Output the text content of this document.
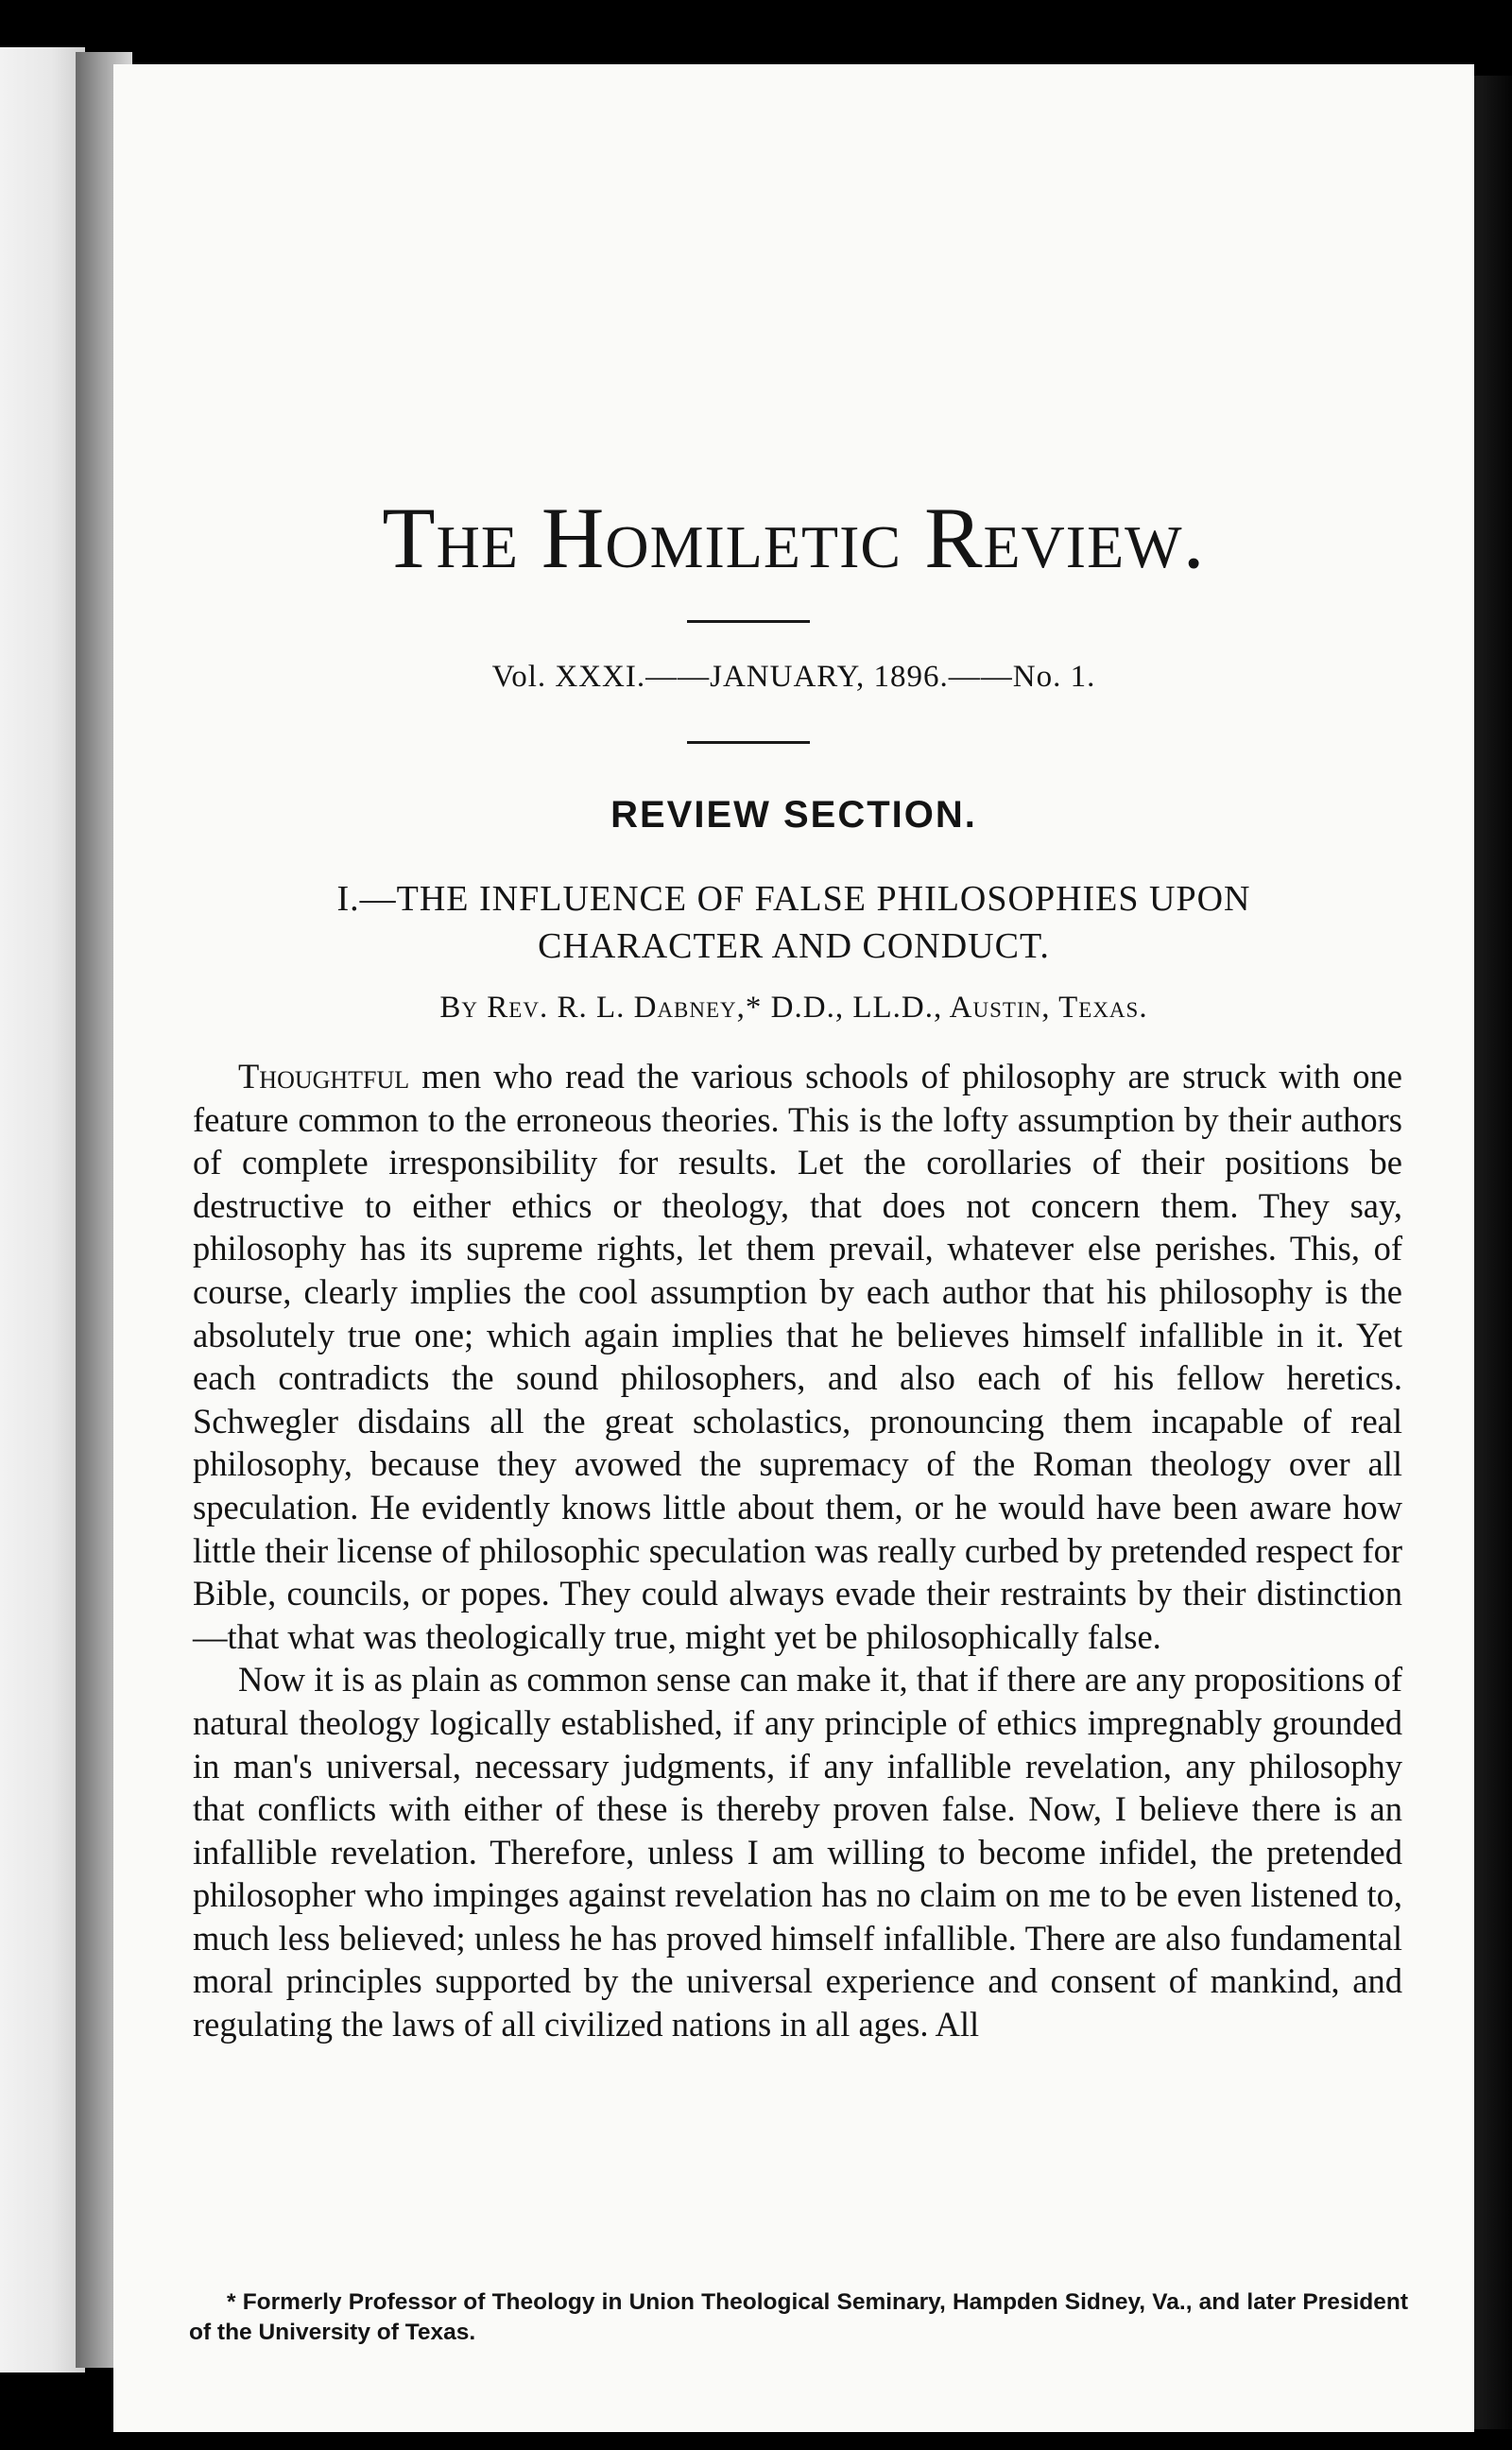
The Homiletic Review.
Vol. XXXI.——JANUARY, 1896.——No. 1.
REVIEW SECTION.
I.—THE INFLUENCE OF FALSE PHILOSOPHIES UPON
CHARACTER AND CONDUCT.
By Rev. R. L. Dabney,* D.D., LL.D., Austin, Texas.

Thoughtful men who read the various schools of philosophy are struck with one feature common to the erroneous theories. This is the lofty assumption by their authors of complete irresponsibility for results. Let the corollaries of their positions be destructive to either ethics or theology, that does not concern them. They say, philosophy has its supreme rights, let them prevail, whatever else perishes. This, of course, clearly implies the cool assumption by each author that his philosophy is the absolutely true one; which again implies that he believes himself infallible in it. Yet each contradicts the sound philosophers, and also each of his fellow heretics. Schwegler disdains all the great scholastics, pronouncing them incapable of real philosophy, because they avowed the supremacy of the Roman theology over all speculation. He evidently knows little about them, or he would have been aware how little their license of philosophic speculation was really curbed by pretended respect for Bible, councils, or popes. They could always evade their restraints by their distinction—that what was theologically true, might yet be philosophically false.

Now it is as plain as common sense can make it, that if there are any propositions of natural theology logically established, if any principle of ethics impregnably grounded in man's universal, necessary judgments, if any infallible revelation, any philosophy that conflicts with either of these is thereby proven false. Now, I believe there is an infallible revelation. Therefore, unless I am willing to become infidel, the pretended philosopher who impinges against revelation has no claim on me to be even listened to, much less believed; unless he has proved himself infallible. There are also fundamental moral principles supported by the universal experience and consent of mankind, and regulating the laws of all civilized nations in all ages. All

* Formerly Professor of Theology in Union Theological Seminary, Hampden Sidney, Va., and later President of the University of Texas.
